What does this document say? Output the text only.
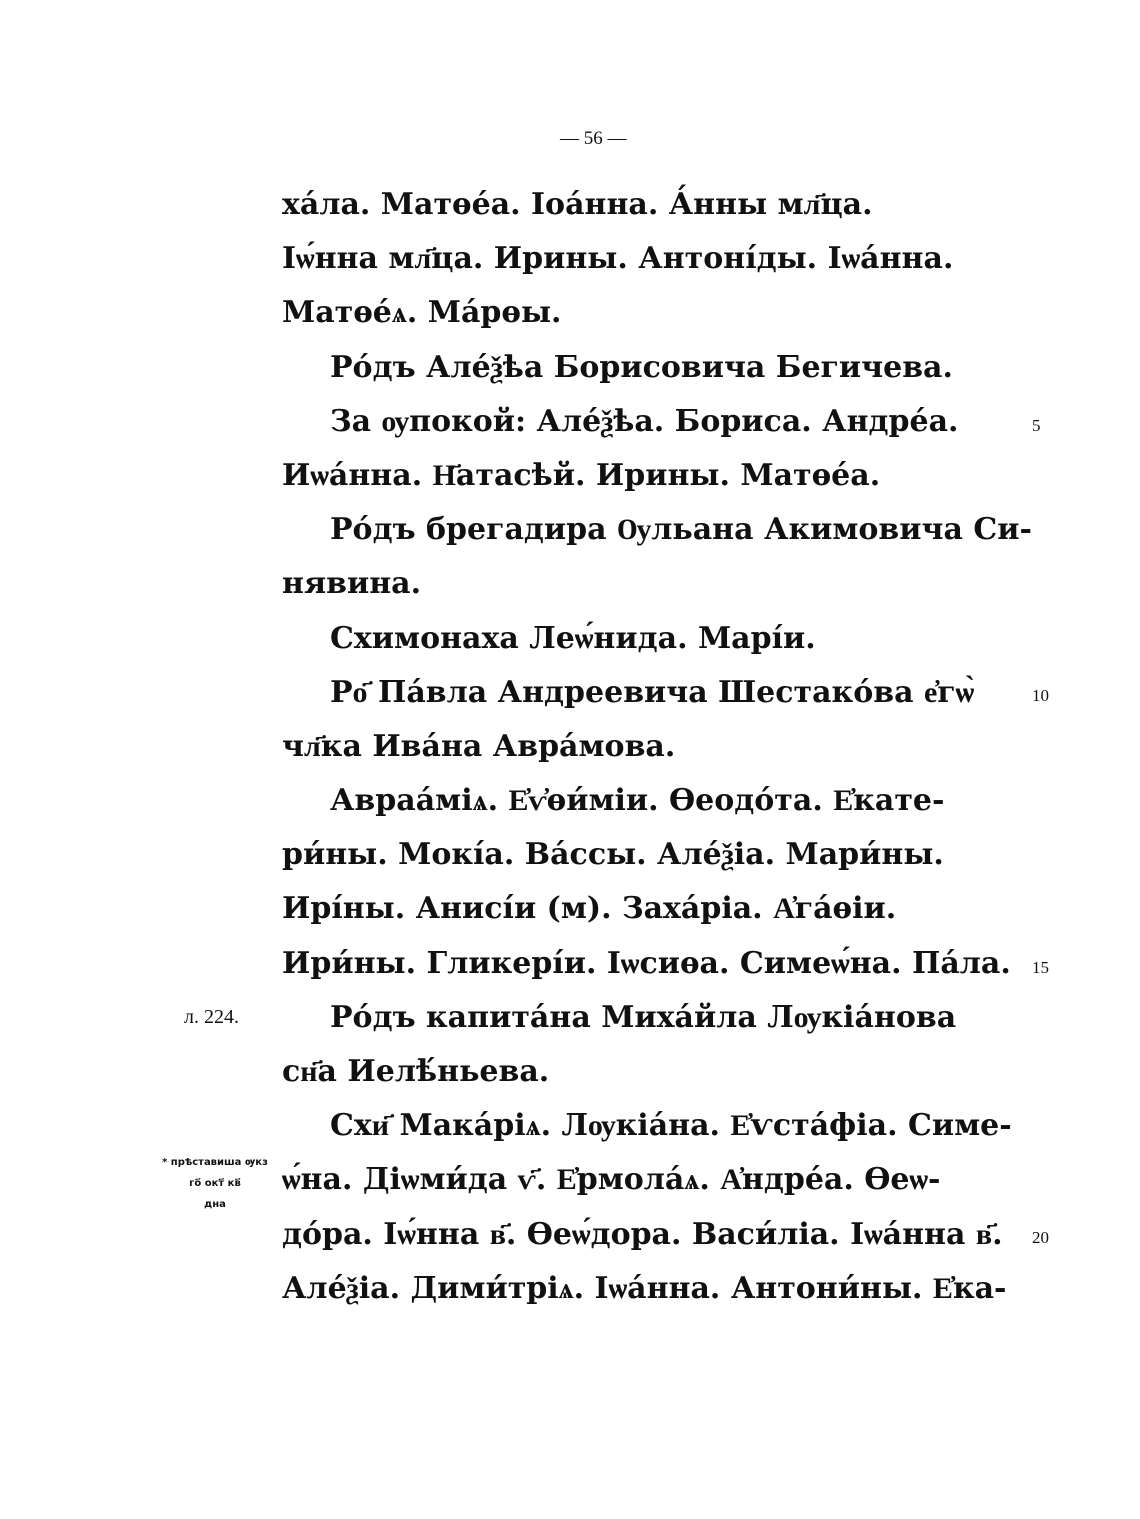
— 56 —
ха́ла. Матѳе́а. Іоа́нна. А́нны мл҃ца.
Іѡ́нна мл҃ца. Ирины. Антоні́ды. Іѡа́нна.
Матѳе́ѧ. Ма́рѳы.
Ро́дъ Але́ѯѣа Борисовича Бегичева.
За ѹпокой: Але́ѯѣа. Бориса. Андре́а.
Иѡа́нна. Н҃атасѣй. Ирины. Матѳе́а.
Ро́дъ брегадира Ѹльана Акимовича Си-
нявина.
Схимонаха Леѡ́нида. Марі́и.
Ро҃ Па́вла Андреевича Шестако́ва е҆гѡ̀
чл҃ка Ива́на Авра́мова.
Авраа́міѧ. Е҆ѵ҆ѳи́міи. Ѳеодо́та. Е҆кате-
ри́ны. Мокі́а. Ва́ссы. Але́ѯіа. Мари́ны.
Ирі́ны. Анисі́и (м). Заха́ріа. А҆га́ѳіи.
Ири́ны. Гликері́и. Іѡсиѳа. Симеѡ́на. Па́ла.
Ро́дъ капита́на Миха́йла Лѹкіа́нова
сн҃а Иелѣ́ньева.
Схи҃ Мака́ріѧ. Лѹкіа́на. Е҆ѵста́фіа. Симе-
ѡ́на. Діѡми́да ѵ҃. Е҆рмола́ѧ. А҆ндре́а. Ѳеѡ-
до́ра. Іѡ́нна в҃. Ѳеѡ́дора. Васи́ліа. Іѡа́нна в҃.
Але́ѯіа. Дими́тріѧ. Іѡа́нна. Антони́ны. Е҆ка-
5
10
15
20
л. 224.
* прѣставиша ѹкз
го҃ окт҃ кв҃
дна
